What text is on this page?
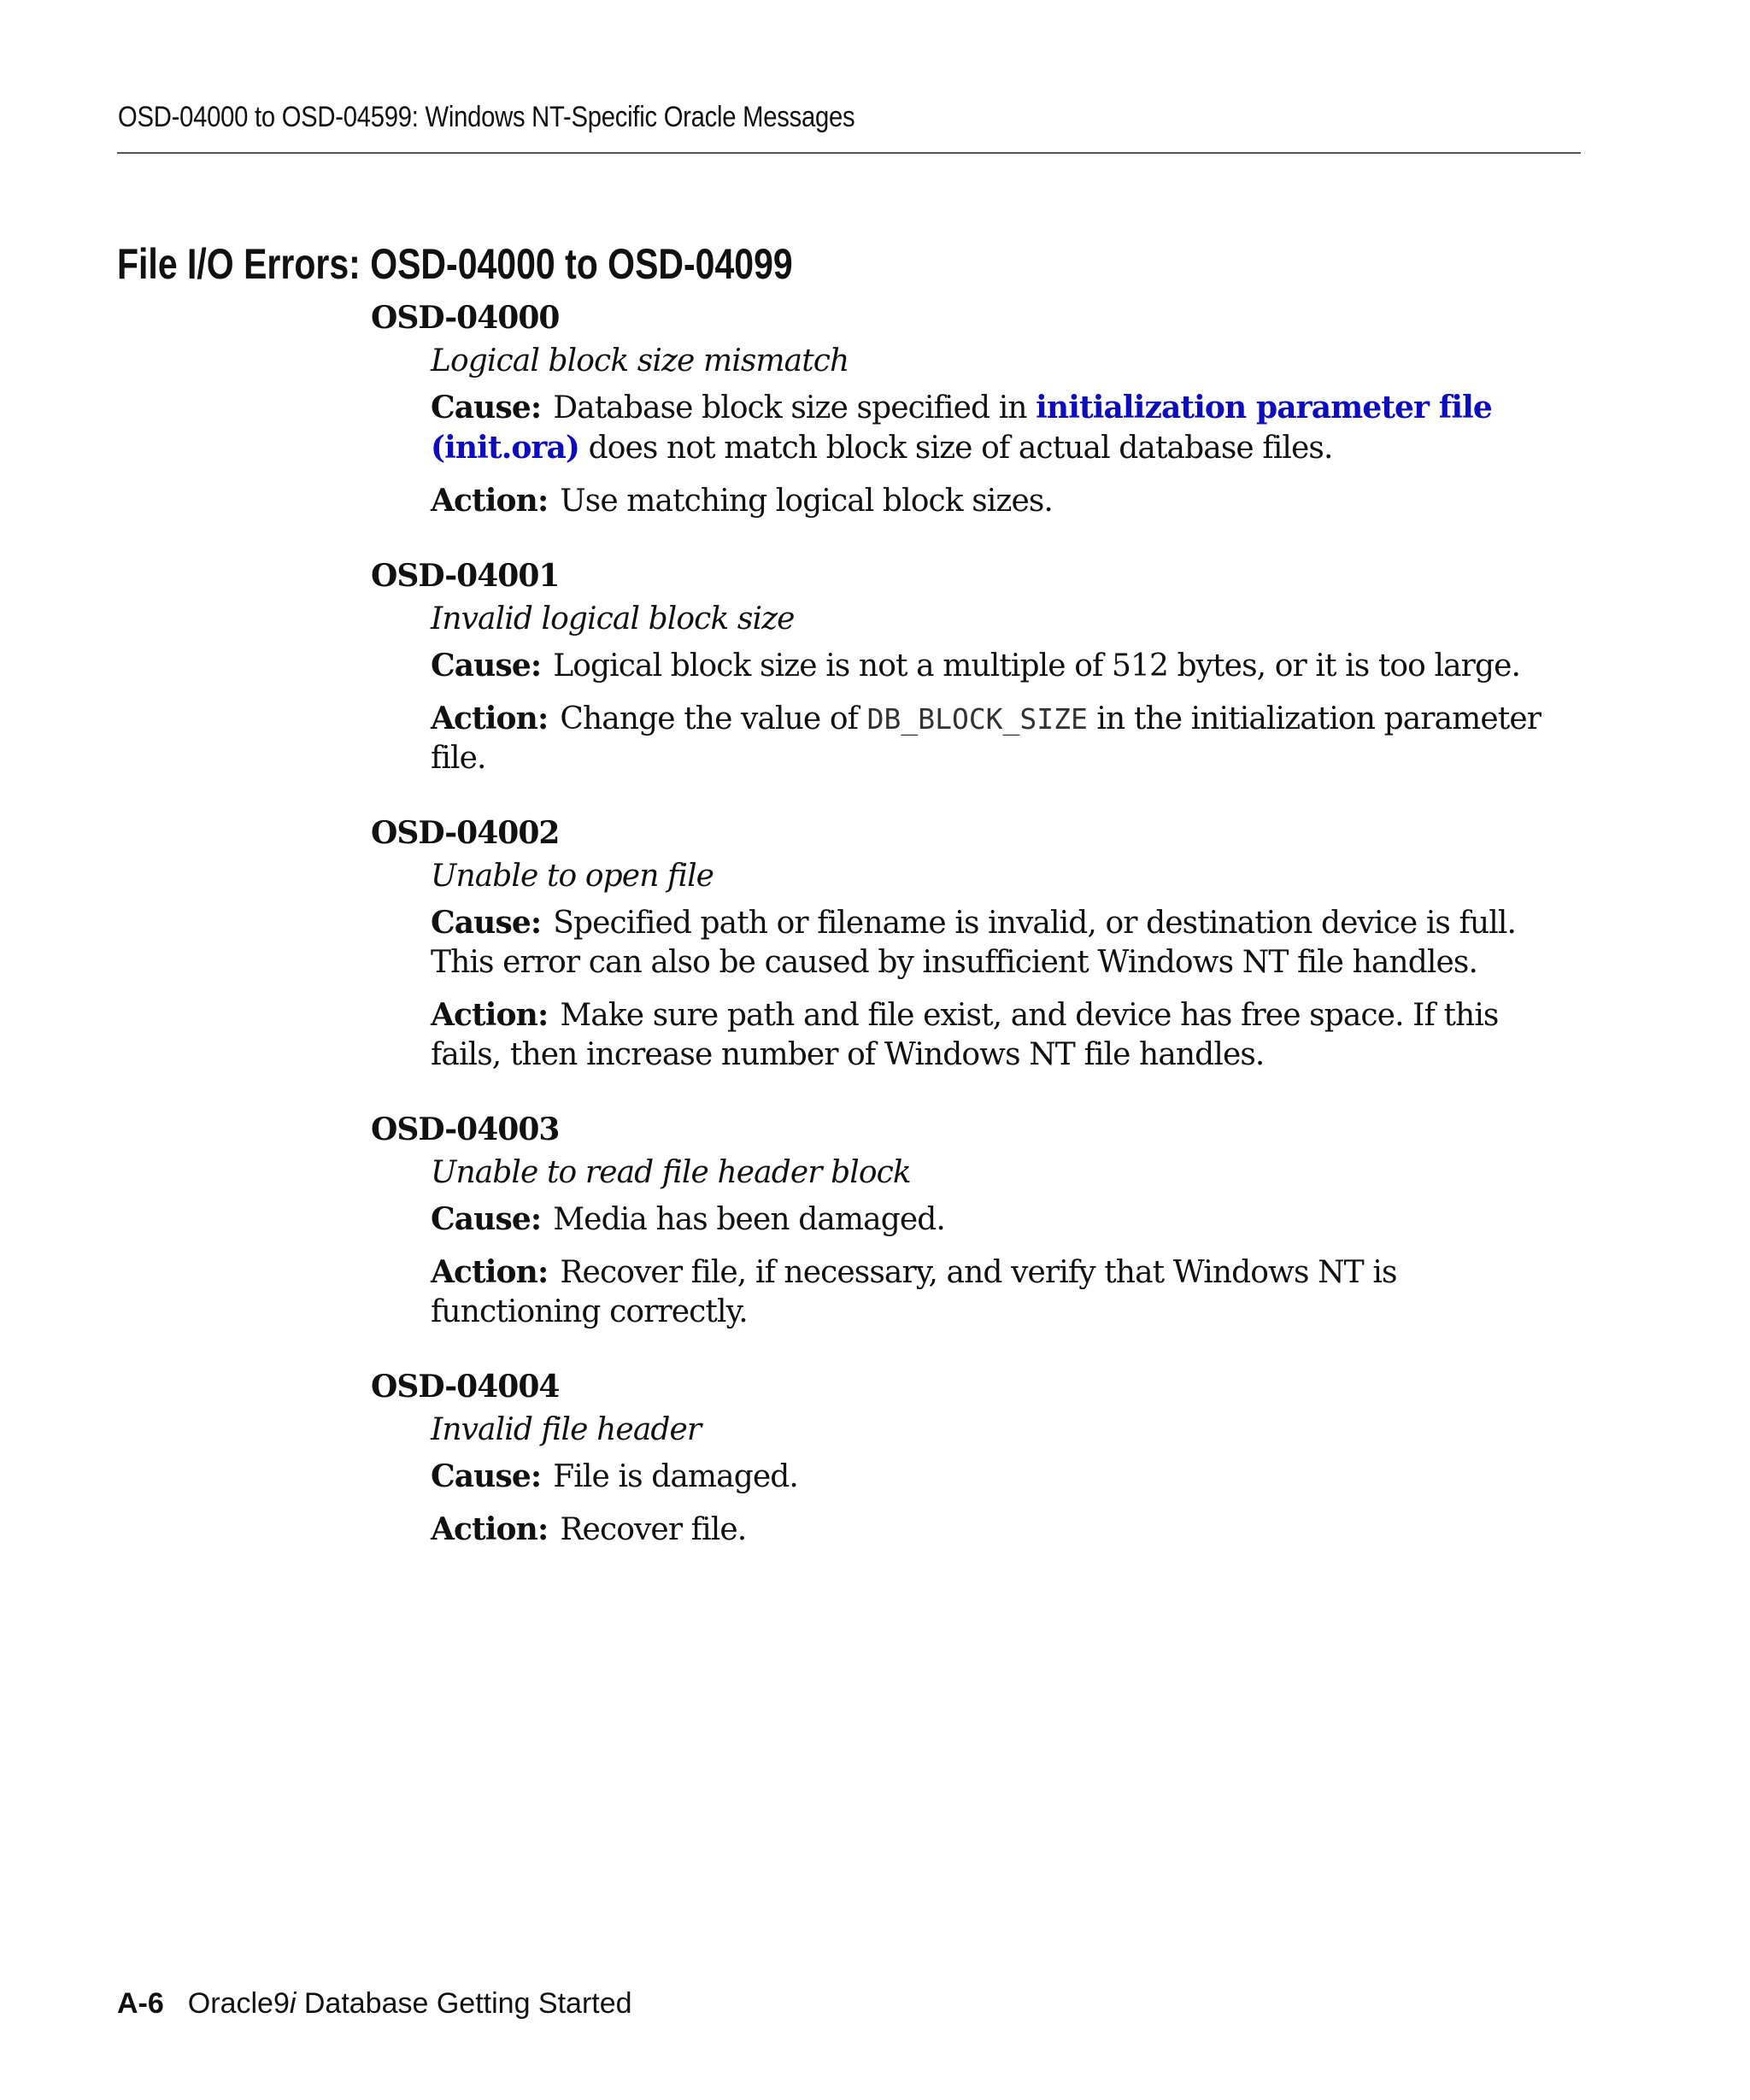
OSD-04000 to OSD-04599: Windows NT-Specific Oracle Messages
File I/O Errors: OSD-04000 to OSD-04099
OSD-04000
Logical block size mismatch
Cause: Database block size specified in initialization parameter file (init.ora) does not match block size of actual database files.
Action: Use matching logical block sizes.
OSD-04001
Invalid logical block size
Cause: Logical block size is not a multiple of 512 bytes, or it is too large.
Action: Change the value of DB_BLOCK_SIZE in the initialization parameter file.
OSD-04002
Unable to open file
Cause: Specified path or filename is invalid, or destination device is full. This error can also be caused by insufficient Windows NT file handles.
Action: Make sure path and file exist, and device has free space. If this fails, then increase number of Windows NT file handles.
OSD-04003
Unable to read file header block
Cause: Media has been damaged.
Action: Recover file, if necessary, and verify that Windows NT is functioning correctly.
OSD-04004
Invalid file header
Cause: File is damaged.
Action: Recover file.
A-6 Oracle9i Database Getting Started
